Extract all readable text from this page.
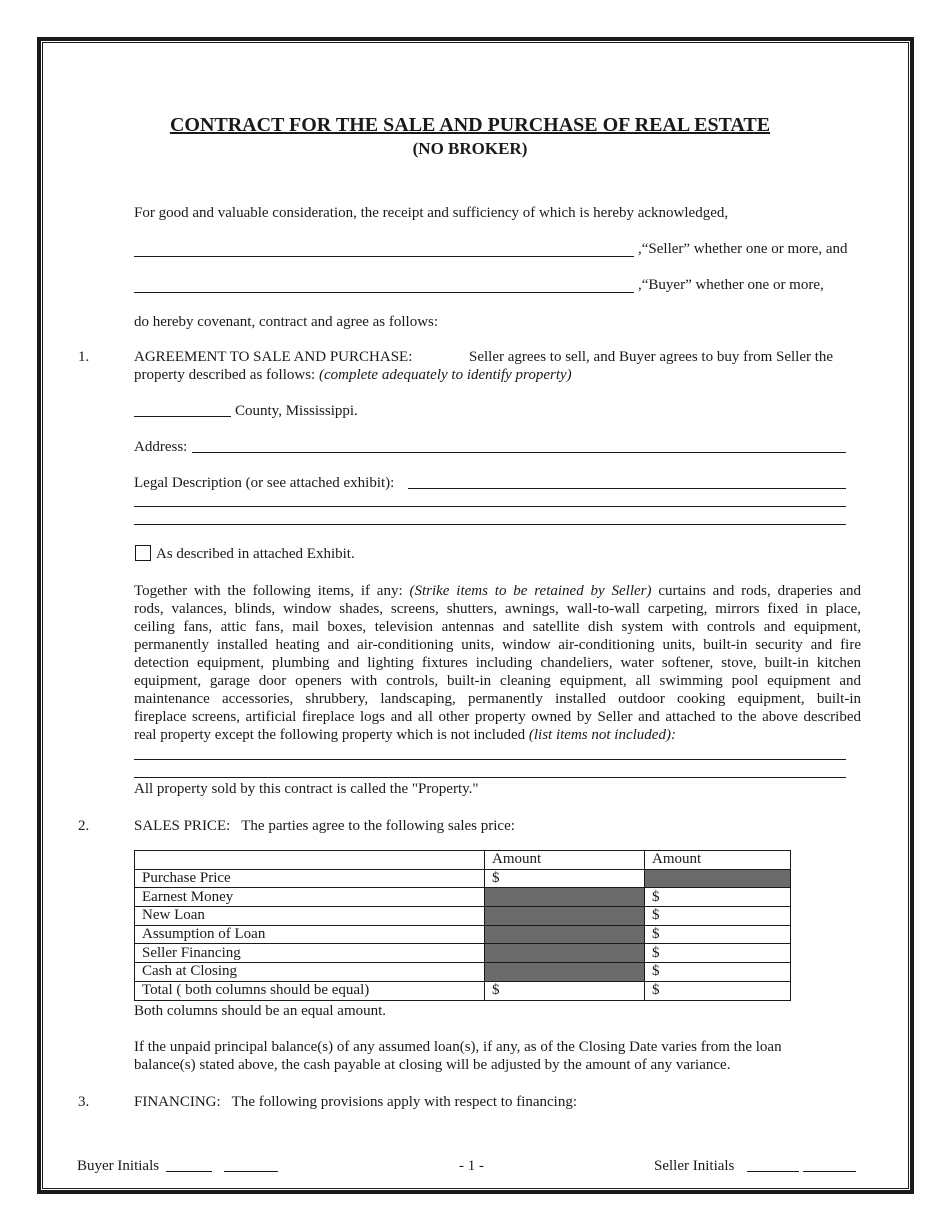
CONTRACT FOR THE SALE AND PURCHASE OF REAL ESTATE
(NO BROKER)
For good and valuable consideration, the receipt and sufficiency of which is hereby acknowledged,
,“Seller” whether one or more, and
,“Buyer” whether one or more,
do hereby covenant, contract and agree as follows:
1.	AGREEMENT TO SALE AND PURCHASE:	Seller agrees to sell, and Buyer agrees to buy from Seller the
property described as follows: (complete adequately to identify property)
County, Mississippi.
Address:
Legal Description (or see attached exhibit):
As described in attached Exhibit.
Together with the following items, if any: (Strike items to be retained by Seller) curtains and rods, draperies and
rods, valances, blinds, window shades, screens, shutters, awnings, wall-to-wall carpeting, mirrors fixed in place,
ceiling fans, attic fans, mail boxes, television antennas and satellite dish system with controls and equipment,
permanently installed heating and air-conditioning units, window air-conditioning units, built-in security and fire
detection equipment, plumbing and lighting fixtures including chandeliers, water softener, stove, built-in kitchen
equipment, garage door openers with controls, built-in cleaning equipment, all swimming pool equipment and
maintenance accessories, shrubbery, landscaping, permanently installed outdoor cooking equipment, built-in
fireplace screens, artificial fireplace logs and all other property owned by Seller and attached to the above described
real property except the following property which is not included (list items not included):
All property sold by this contract is called the "Property."
2.	SALES PRICE: The parties agree to the following sales price:
	Amount	Amount
Purchase Price	$	
Earnest Money		$
New Loan		$
Assumption of Loan		$
Seller Financing		$
Cash at Closing		$
Total ( both columns should be equal)	$	$
Both columns should be an equal amount.
If the unpaid principal balance(s) of any assumed loan(s), if any, as of the Closing Date varies from the loan
balance(s) stated above, the cash payable at closing will be adjusted by the amount of any variance.
3.	FINANCING: The following provisions apply with respect to financing:
Buyer Initials	- 1 -	Seller Initials
